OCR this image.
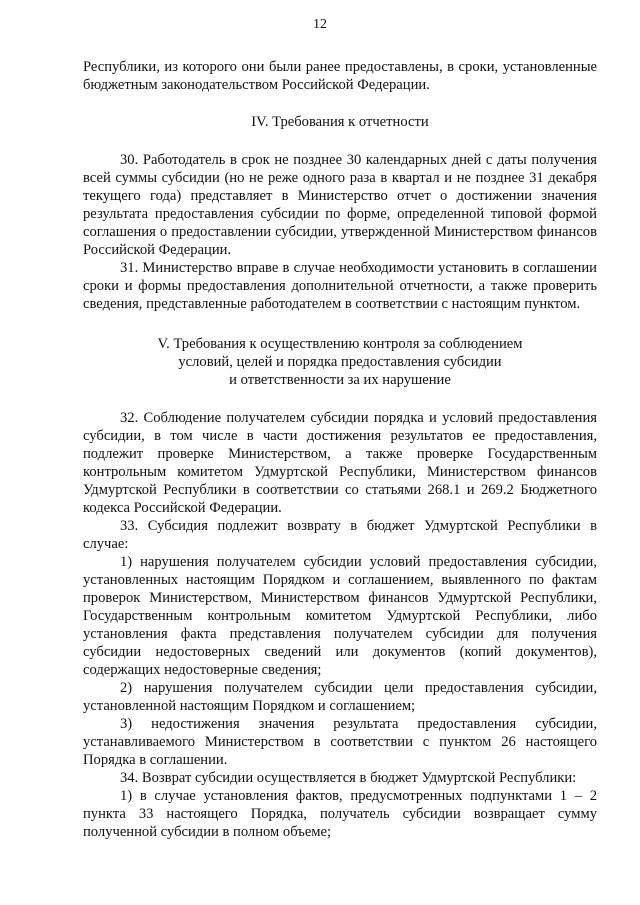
12

Республики, из которого они были ранее предоставлены, в сроки, установленные бюджетным законодательством Российской Федерации.

IV. Требования к отчетности

30. Работодатель в срок не позднее 30 календарных дней с даты получения всей суммы субсидии (но не реже одного раза в квартал и не позднее 31 декабря текущего года) представляет в Министерство отчет о достижении значения результата предоставления субсидии по форме, определенной типовой формой соглашения о предоставлении субсидии, утвержденной Министерством финансов Российской Федерации.

31. Министерство вправе в случае необходимости установить в соглашении сроки и формы предоставления дополнительной отчетности, а также проверить сведения, представленные работодателем в соответствии с настоящим пунктом.

V. Требования к осуществлению контроля за соблюдением

условий, целей и порядка предоставления субсидии

и ответственности за их нарушение

32. Соблюдение получателем субсидии порядка и условий предоставления субсидии, в том числе в части достижения результатов ее предоставления, подлежит проверке Министерством, а также проверке Государственным контрольным комитетом Удмуртской Республики, Министерством финансов Удмуртской Республики в соответствии со статьями 268.1 и 269.2 Бюджетного кодекса Российской Федерации.

33. Субсидия подлежит возврату в бюджет Удмуртской Республики в случае:

1) нарушения получателем субсидии условий предоставления субсидии, установленных настоящим Порядком и соглашением, выявленного по фактам проверок Министерством, Министерством финансов Удмуртской Республики, Государственным контрольным комитетом Удмуртской Республики, либо установления факта представления получателем субсидии для получения субсидии недостоверных сведений или документов (копий документов), содержащих недостоверные сведения;

2) нарушения получателем субсидии цели предоставления субсидии, установленной настоящим Порядком и соглашением;

3) недостижения значения результата предоставления субсидии, устанавливаемого Министерством в соответствии с пунктом 26 настоящего Порядка в соглашении.

34. Возврат субсидии осуществляется в бюджет Удмуртской Республики:

1) в случае установления фактов, предусмотренных подпунктами 1 – 2 пункта 33 настоящего Порядка, получатель субсидии возвращает сумму полученной субсидии в полном объеме;
